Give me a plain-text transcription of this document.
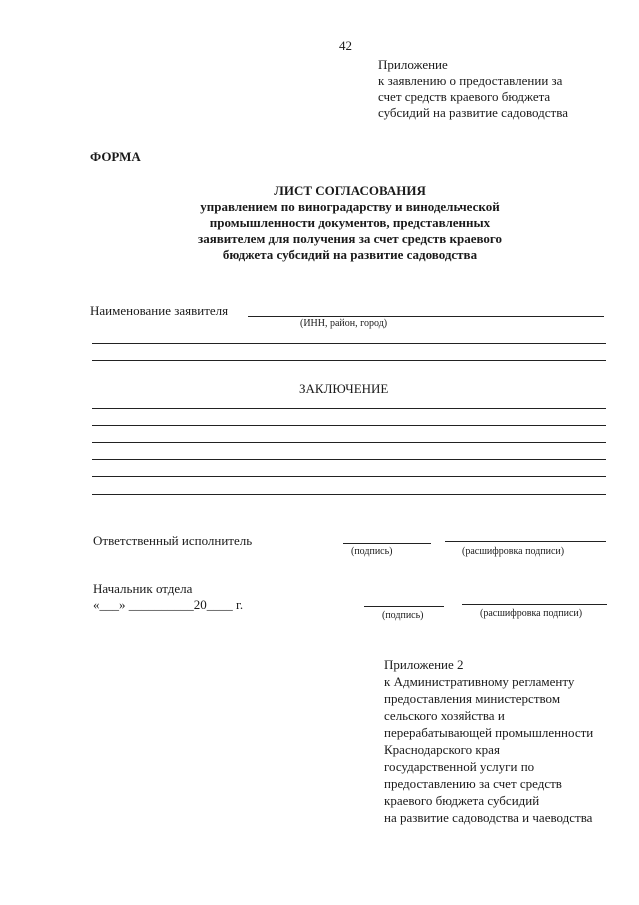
42
Приложение
к заявлению о предоставлении за
счет средств краевого бюджета
субсидий на развитие садоводства
ФОРМА
ЛИСТ СОГЛАСОВАНИЯ
управлением по виноградарству и винодельческой
промышленности документов, представленных
заявителем для получения за счет средств краевого
бюджета субсидий на развитие садоводства
Наименование заявителя
(ИНН, район, город)
ЗАКЛЮЧЕНИЕ
Ответственный исполнитель
(подпись)	(расшифровка подписи)
Начальник отдела
«___» __________20____ г.
(подпись)	(расшифровка подписи)
Приложение 2
к Административному регламенту
предоставления министерством
сельского хозяйства и
перерабатывающей промышленности
Краснодарского края
государственной услуги по
предоставлению за счет средств
краевого бюджета субсидий
на развитие садоводства и чаеводства
